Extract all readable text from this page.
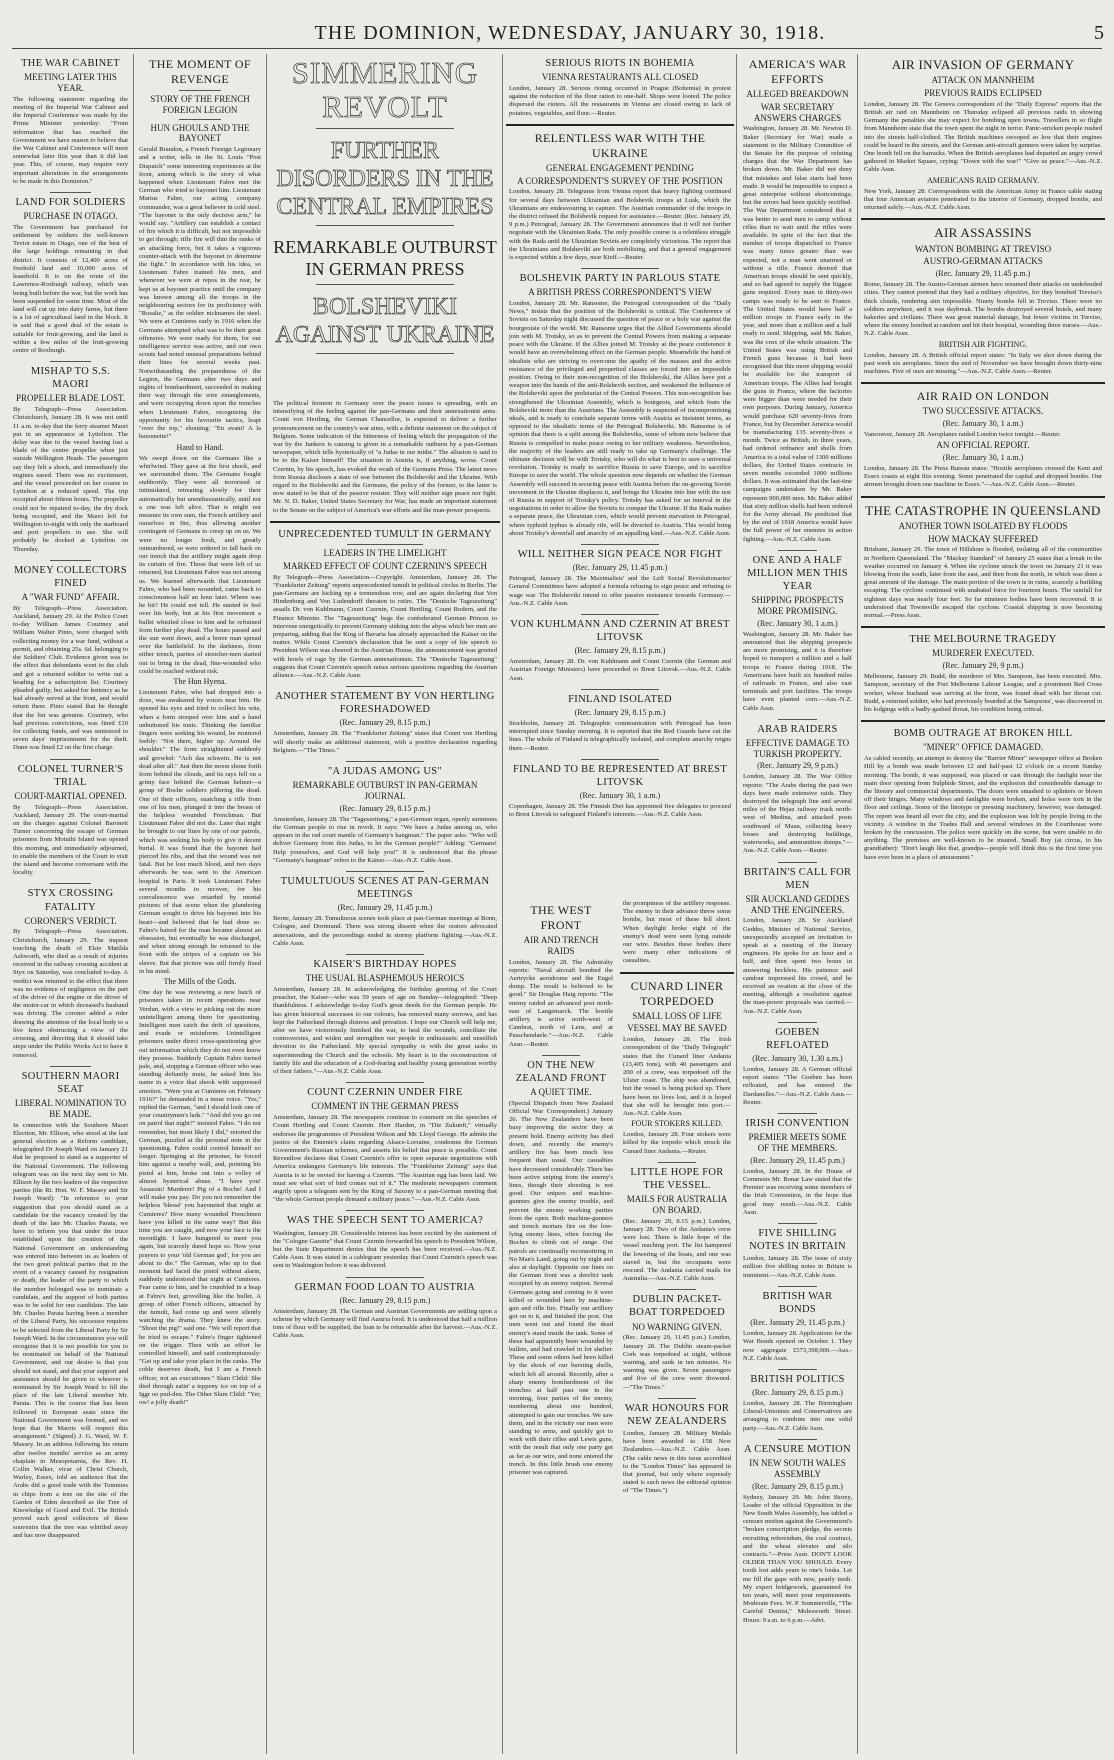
THE DOMINION, WEDNESDAY, JANUARY 30, 1918.	5
THE WAR CABINET
MEETING LATER THIS YEAR.
The following statement regarding the meeting of the Imperial War Cabinet and the Imperial Conference was made by the Prime Minister yesterday: "From information that has reached the Government we have reason to believe that the War Cabinet and Conference will meet somewhat later this year than it did last year. This, of course, may require very important alterations in the arrangements to be made in this Dominion."
LAND FOR SOLDIERS
PURCHASE IN OTAGO.
The Government has purchased for settlement by soldiers the well-known Teviot estate in Otago, one of the best of the large holdings remaining in that district. It consists of 12,400 acres of freehold land and 10,000 acres of leasehold. It is on the route of the Lawrence-Roxburgh railway, which was being built before the war, but the work has been suspended for some time. Most of the land will cut up into dairy farms, but there is a lot of agricultural land in the block. It is said that a good deal of the estate is suitable for fruit-growing, and the land is within a few miles of the fruit-growing centre of Roxburgh.
MISHAP TO S.S. MAORI
PROPELLER BLADE LOST.
By Telegraph—Press Association. Christchurch, January 28. It was not until 11 a.m. to-day that the ferry steamer Maori put in an appearance at Lyttelton. The delay was due to the vessel having lost a blade of the centre propeller when just outside Wellington Heads. The passengers say they felt a shock, and immediately the engines eased. There was no excitement, and the vessel proceeded on her course to Lyttelton at a reduced speed. The trip occupied about fifteen hours. The propeller could not be repaired to-day, the dry dock being occupied, and the Maori left for Wellington to-night with only the starboard and port propellers in use. She will probably be docked at Lyttelton on Thursday.
MONEY COLLECTORS FINED
A "WAR FUND" AFFAIR.
By Telegraph—Press Association. Auckland, January 29. At the Police Court to-day William James Courtney and William Walter Pinto, were charged with collecting money for a war fund, without a permit, and obtaining 25s. 6d. belonging to the Soldiers' Club. Evidence given was to the effect that defendants went to the club and got a returned soldier to write out a heading for a subscription list. Courtney pleaded guilty, but asked for leniency as he had already served at the front, and would return there. Pinto stated that he thought that the list was genuine. Courtney, who had previous convictions, was fined £10 for collecting funds, and was sentenced to seven days' imprisonment for the theft. Dunn was fined £2 on the first charge.
COLONEL TURNER'S TRIAL
COURT-MARTIAL OPENED.
By Telegraph—Press Association. Auckland, January 29. The court-martial on the charges against Colonel Baronett Turner concerning the escape of German prisoners from Motuihi Island was opened this morning, and immediately adjourned, to enable the members of the Court to visit the island and become conversant with the locality.
STYX CROSSING FATALITY
CORONER'S VERDICT.
By Telegraph—Press Association. Christchurch, January 29. The inquest touching the death of Elsie Matilda Ashworth, who died as a result of injuries received in the railway crossing accident at Styx on Saturday, was concluded to-day. A verdict was returned to the effect that there was no evidence of negligence on the part of the driver of the engine or the driver of the motor-car in which deceased's husband was driving. The coroner added a rider drawing the attention of the local body to a live fence obstructing a view of the crossing, and directing that it should take steps under the Public Works Act to have it removed.
SOUTHERN MAORI SEAT
LIBERAL NOMINATION TO BE MADE.
In connection with the Southern Maori Election, Mr. Ellison, who stood at the last general election as a Reform candidate, telegraphed Dr Joseph Ward on January 21 that he proposed to stand as a supporter of the National Government. The following telegram was on the next day sent to Mr. Ellison by the two leaders of the respective parties (the Rt. Hon. W. F. Massey and Sir Joseph Ward): "In reference to your suggestion that you should stand as a candidate for the vacancy created by the death of the late Mr. Charles Parata, we have to inform you that under the truce established upon the creation of the National Government an understanding was entered into between us as leaders of the two great political parties that in the event of a vacancy caused by resignation or death, the leader of the party to which the member belonged was to nominate a candidate, and the support of both parties was to be solid for one candidate. The late Mr. Charles Parata having been a member of the Liberal Party, his successor requires to be selected from the Liberal Party by Sir Joseph Ward. In the circumstances you will recognise that it is not possible for you to be nominated on behalf of the National Government, and our desire is that you should not stand, and that your support and assistance should be given to whoever is nominated by Sir Joseph Ward to fill the place of the late Liberal member Mr. Parata. This is the course that has been followed in European seats since the National Government was formed, and we hope that the Maoris will respect this arrangement." (Signed) J. G. Ward, W. F. Massey. In an address following his return after twelve months' service as an army chaplain in Mesopotamia, the Rev. H. Collin Walker, vicar of Christ Church, Warley, Essex, told an audience that the Arabs did a good trade with the Tommies in chips from a tree on the site of the Garden of Eden described as the Tree of Knowledge of Good and Evil. The British proved such good collectors of these souvenirs that the tree was whittled away and has now disappeared.
THE MOMENT OF REVENGE
STORY OF THE FRENCH FOREIGN LEGION
HUN GHOULS AND THE BAYONET
Gerald Brandon, a French Foreign Legionary and a writer, tells in the St. Louis "Post Dispatch" some interesting experiences at the front, among which is the story of what happened when Lieutenant Fabre met the German who tried to bayonet him. Lieutenant Marius Fabre, our acting company commander, was a great believer in cold steel. "The bayonet is the only decisive arm," he would say. "Artillery can establish a contact of fire which it is difficult, but not impossible to get through; rifle fire will thin the ranks of an attacking force, but it takes a vigorous counter-attack with the bayonet to determine the fight." In accordance with his idea, so Lieutenant Fabre trained his men, and whenever we were at repos in the rear, he kept us at bayonet practice until the company was known among all the troops in the neighbouring sectors for its proficiency with "Rosalie," as the soldier nicknames the steel. We were at Cumieres early in 1916 when the Germans attempted what was to be their great offensive. We were ready for them, for our intelligence service was active, and our own scouts had noted unusual preparations behind their lines for several weeks past. Notwithstanding the preparedness of the Legion, the Germans after two days and nights of bombardment, succeeded in making their way through the wire entanglements, and were occupying down upon the trenches when Lieutenant Fabre, recognising the opportunity for his favourite tactics, leapt "over the top," shouting: "En avant! A la baionnette!"
Hand to Hand.
We swept down on the Germans like a whirlwind. They gave at the first shock, and we surrounded them. The Germans fought stubbornly. They were all terrorised or intimidated, retreating slowly for their automatically but unenthusiastically, until not a one was left alive. That is might not measure its own sum, the French artillery and ourselves in fire, thus allowing another contingent of Germans to creep up on us. We were no longer fresh, and greatly outnumbered, so were ordered to fall back on our trench that the artillery might again drop its curtain of fire. Those that were left of us returned, but Lieutenant Fabre was not among us. We learned afterwards that Lieutenant Fabre, who had been wounded, came back to consciousness half an hour later. Where was he hit? He could not tell. He started to feel over his body, but at his first movement a bullet whistled close to him and he refrained from further play dead. The hours passed and the sun went down, and a brave man spread over the battlefield. In the darkness, from either trench, parties of stretcher-men started out to bring in the dead, fine-wounded who could be reached without risk.
The Hun Hyena.
Lieutenant Fabre, who had dropped into a doze, was awakened by voices near him. He opened his eyes and tried to collect his wits, when a form stooped over him and a hand unbuttoned his tunic. Thinking the familiar fingers were seeking his wound, he muttered feebly: "Not there, higher up. Around the shoulder." The form straightened suddenly and growled: "Ach das schwein. He is not dead after all." Just then the moon shone forth from behind the clouds, and its rays fell on a grimy face behind the German helmet—a group of Boche soldiers pilfering the dead. One of their officers, snatching a rifle from one of his men, plunged it into the breast of the helpless wounded Frenchman. But Lieutenant Fabre did not die. Later that night he brought to our lines by one of our patrols, which was seeking his body to give it decent burial. It was found that the bayonet had pierced his ribs, and that the wound was not fatal. But he lost much blood, and two days afterwards he was sent to the American hospital in Paris. It took Lieutenant Fabre several months to recover, for his convalescence was retarded by mental pictures of that scene when the plundering German sought to drive his bayonet into his heart—and believed that he had done so. Fabre's hatred for the man became almost an obsession, but eventually he was discharged, and when strong enough he returned to the front with the stripes of a captain on his sleeve. But that picture was still firmly fixed in his mind.
The Mills of the Gods.
One day he was reviewing a new batch of prisoners taken in recent operations near Verdun, with a view to picking out the more unintelligent among them for questioning. Intelligent men catch the drift of questions, and evade or misinform. Unintelligent prisoners under direct cross-questioning give out information which they do not even know they possess. Suddenly Captain Fabre turned pale, and, stopping a German officer who was standing defiantly mute, he asked him his name in a voice that shook with suppressed emotion. "Were you at Cumieres on February 1916?" he demanded in a tense voice. "Yes," replied the German, "and I should look one of your countrymen's lads." "And did you go out on patrol that night?" insisted Fabre. "I do not remember, but most likely I did," retorted the German, puzzled at the personal note in the questioning. Fabre could control himself no longer. Springing at the prisoner, he forced him against a nearby wall, and, pointing his pistol at him, broke out into a volley of almost hysterical abuse. "I have you! Assassin! Murderer! Pig of a Boche! And I will make you pay. Do you not remember the helpless 'blessé' you bayoneted that night at Cumieres? How many wounded Frenchmen have you killed in the same way? But this time you are caught, and now your face is the moonlight. I have hungered to meet you again, but scarcely dared hope so. Now your prayers to your 'old German god', for you are about to die." The German, who up to that moment had faced the pistol without alarm, suddenly understood that night at Cumieres. Fear came to him, and he crumbled in a heap at Fabre's feet, grovelling like the bullet. A group of other French officers, attracted by the tumult, had come up and were silently watching the drama. They knew the story. "Shoot the pig!" said one. "We will report that he tried to escape." Fabre's finger tightened on the trigger. Then with an effort he controlled himself, and said contemptuously: "Get up and take your place in the ranks. The coble deserves death, but I am a French officer, not an executioner." Slain Child: She died through eatin' a teppeny ice on top of a Iggr oo pud-den. The Other Slum Child: "Yer, ow! a jolly death!"
SIMMERING REVOLT
FURTHER DISORDERS IN THE CENTRAL EMPIRES
REMARKABLE OUTBURST IN GERMAN PRESS
BOLSHEVIKI AGAINST UKRAINE
The political ferment in Germany over the peace issues is spreading, with an intensifying of the feeling against the pan-Germans and their annexationist aims. Count von Hertling, the German Chancellor, is expected to deliver a further pronouncement on the country's war aims, with a definite statement on the subject of Belgium. Some indication of the bitterness of feeling which the propagation of the war by the Junkers is causing is given in a remarkable outburst by a pan-German newspaper, which tells hysterically of "a Judas in our midst." The allusion is said to be to the Kaiser himself! The situation in Austria is, if anything, worse. Count Czernin, by his speech, has evoked the wrath of the Germans Press. The latest news from Russia discloses a state of war between the Bolsheviki and the Ukraine. With regard to the Bolsheviki and the Germans, the policy of the former, to the latter is now stated to be that of the passive resister. They will neither sign peace nor fight. Mr. N. D. Baker, United States Secretary for War, has made an important statement to the Senate on the subject of America's war efforts and the man-power prospects.
UNPRECEDENTED TUMULT IN GERMANY
LEADERS IN THE LIMELIGHT
MARKED EFFECT OF COUNT CZERNIN'S SPEECH
By Telegraph—Press Association—Copyright. Amsterdam, January 28. The "Frankfurter Zeitung" reports unprecedented tumult in political circles in Berlin. The pan-Germans are kicking up a tremendous row, and are again declaring that Von Hindenburg and Von Ludendorff threaten to retire. The "Deutsche Tageszeitung" assails Dr. von Kuhlmann, Count Czernin, Count Hertling, Count Rodern, and the Finance Minister. The "Tageszeitung" begs the confederated German Princes to intervene energetically to prevent Germany sinking into the abyss which her men are preparing, adding that the King of Bavaria has already approached the Kaiser on the matter. While Count Czernin's declaration that he sent a copy of his speech to President Wilson was cheered in the Austrian House, the announcement was greeted with howls of rage by the German annexationists. The "Deutsche Tageszeitung" suggests that Count Czernin's speech raises serious questions regarding the Austrian alliance.—Aus.-N.Z. Cable Assn.
ANOTHER STATEMENT BY VON HERTLING FORESHADOWED
(Rec. January 29, 8.15 p.m.)
Amsterdam, January 28. The "Frankfurter Zeitung" states that Count von Hertling will shortly make an additional statement, with a positive declaration regarding Belgium.—"The Times."
"A JUDAS AMONG US"
REMARKABLE OUTBURST IN PAN-GERMAN JOURNAL
(Rec. January 29, 8.15 p.m.)
Amsterdam, January 28. The "Tageszeitung," a pan-German organ, openly summons the German people to rise in revolt. It says: "We have a Judas among us, who appears in the red court mantle of Germany's hangman." The paper asks: "Who will deliver Germany from this Judas, to let the German people?" Adding: "Germans! Help yourselves, and God will help you!" It is understood that the phrase "Germany's hangman" refers to the Kaiser.—Aus.-N.Z. Cable Assn.
TUMULTUOUS SCENES AT PAN-GERMAN MEETINGS
(Rec. January 29, 11.45 p.m.)
Berne, January 28. Tumultuous scenes took place at pan-German meetings at Bonn, Cologne, and Dortmund. There was strong dissent when the orators advocated annexations, and the proceedings ended in stormy platform fighting.—Aus.-N.Z. Cable Assn.
KAISER'S BIRTHDAY HOPES
THE USUAL BLASPHEMOUS HEROICS
Amsterdam, January 28. In acknowledging the birthday greeting of the Court preacher, the Kaiser—who was 59 years of age on Sunday—telegraphed: "Deep thankfulness. I acknowledge to-day God's great deeds for the German people. He has given historical successes to our colours, has removed many sorrows, and has kept the Fatherland through distress and privation. I hope our Church will help me, after we have victoriously finished the war, to heal the wounds, conciliate the controversies, and widen and strengthen our people in enthusiastic and unselfish devotion to the Fatherland. My special sympathy is with the great tasks in superintending the Church and the schools. My heart is in the reconstruction of family life and the education of a God-fearing and healthy young generation worthy of their fathers."—Aus.-N.Z. Cable Assn.
COUNT CZERNIN UNDER FIRE
COMMENT IN THE GERMAN PRESS
Amsterdam, January 28. The newspapers continue to comment on the speeches of Count Hertling and Count Czernin. Herr Harden, in "Die Zukunft," virtually endorses the programmes of President Wilson and Mr. Lloyd George. He admits the justice of the Entente's claim regarding Alsace-Lorraine, condemns the German Government's Russian schemes, and asserts his belief that peace is possible. Count Reventlow declares that Count Czernin's offer to open separate negotiations with America endangers Germany's life interests. The "Frankfurter Zeitung" says that Austria is to be envied for having a Czernin. "The Austrian egg has been laid. We must see what sort of bird comes out of it." The moderate newspapers comment angrily upon a telegram sent by the King of Saxony to a pan-German meeting that "the whole German people demand a military peace."—Aus.-N.Z. Cable Assn.
WAS THE SPEECH SENT TO AMERICA?
Washington, January 28. Considerable interest has been excited by the statement of the "Cologne Gazette" that Count Czernin forwarded his speech to President Wilson, but the State Department denies that the speech has been received.—Aus.-N.Z. Cable Assn. It was stated in a cablegram yesterday that Count Czernin's speech was sent to Washington before it was delivered.
GERMAN FOOD LOAN TO AUSTRIA
(Rec. January 29, 8.15 p.m.)
Amsterdam, January 28. The German and Austrian Governments are settling upon a scheme by which Germany will find Austria food. It is understood that half a million tons of flour will be supplied, the loan to be returnable after the harvest.—Aus.-N.Z. Cable Assn.
SERIOUS RIOTS IN BOHEMIA
VIENNA RESTAURANTS ALL CLOSED
London, January 28. Serious rioting occurred in Prague (Bohemia) in protest against the reduction of the flour ration to one-half. Shops were looted. The police dispersed the rioters. All the restaurants in Vienna are closed owing to lack of potatoes, vegetables, and flour.—Reuter.
RELENTLESS WAR WITH THE UKRAINE
GENERAL ENGAGEMENT PENDING
A CORRESPONDENT'S SURVEY OF THE POSITION
London, January 28. Telegrams from Vienna report that heavy fighting continued for several days between Ukrainian and Bolshevik troops at Lusk, which the Ukrainians are endeavouring to capture. The Austrian commander of the troops in the district refused the Bolshevik request for assistance.—Reuter. (Rec. January 29, 9 p.m.) Petrograd, January 28. The Government announces that it will not further negotiate with the Ukrainian Rada. The only possible course is a relentless struggle with the Rada until the Ukrainian Soviets are completely victorious. The report that the Ukrainians and Bolsheviki are both mobilising, and that a general engagement is expected within a few days, near Kieff.—Reuter.
BOLSHEVIK PARTY IN PARLOUS STATE
A BRITISH PRESS CORRESPONDENT'S VIEW
London, January 28. Mr. Ransome, the Petrograd correspondent of the "Daily News," insists that the position of the Bolsheviki is critical. The Conference of Soviets on Saturday night discussed the question of peace or a holy war against the bourgeoisie of the world. Mr. Ransome urges that the Allied Governments should join with M. Trotsky, so as to prevent the Central Powers from making a separate peace with the Ukraine. If the Allies joined M. Trotsky at the peace conference it would have an overwhelming effect on the German people. Meanwhile the hand of idealists who are striving to overcome the apathy of the masses and the active resistance of the privileged and propertied classes are forced into an impossible position. Owing to their non-recognition of the Bolsheviki, the Allies have put a weapon into the hands of the anti-Bolshevik section, and weakened the influence of the Bolsheviki upon the proletariat of the Central Powers. This non-recognition has strengthened the Ukrainian Assembly, which is bourgeois, and which fears the Bolsheviki more than the Austrians. The Assembly is suspected of incompromising ideals, and is ready to conclude separate terms with Austria as insistent terms, as opposed to the idealistic terms of the Petrograd Bolsheviki. Mr. Ransome is of opinion that there is a split among the Bolsheviks, some of whom now believe that Russia is compelled to make peace owing to her military weakness. Nevertheless, the majority of the leaders are still ready to take up Germany's challenge. The ultimate decision will be with Trotsky, who will do what is best to save a universal revolution. Trotsky is ready to sacrifice Russia to save Europe, and to sacrifice Europe to save the world. The whole question now depends on whether the German Assembly will succeed in securing peace with Austria before the on-growing Soviet movement in the Ukraine displaces it, and brings the Ukraine into line with the rest of Russia in support of Trotsky's policy. Trotsky has asked for an interval in the negotiations in order to allow the Soviets to conquer the Ukraine. If the Rada makes a separate peace, the Ukrainian corn, which would prevent starvation in Petrograd, where typhoid typhus is already rife, will be diverted to Austria. This would bring about Trotsky's downfall and anarchy of an appalling kind.—Aus.-N.Z. Cable Assn.
WILL NEITHER SIGN PEACE NOR FIGHT
(Rec. January 29, 11.45 p.m.)
Petrograd, January 28. The Maximalists' and the Left Social Revolutionaries' General Committees have adopted a formula refusing to sign peace and refusing to wage war. The Bolsheviki intend to offer passive resistance towards Germany.—Aus.-N.Z. Cable Assn.
VON KUHLMANN AND CZERNIN AT BREST LITOVSK
(Rec. January 29, 8.15 p.m.)
Amsterdam, January 28. Dr. von Kuhlmann and Count Czernin (the German and Austrian Foreign Ministers) have proceeded to Brest Litovsk.—Aus.-N.Z. Cable Assn.
FINLAND ISOLATED
(Rec. January 29, 8.15 p.m.)
Stockholm, January 28. Telegraphic communication with Petrograd has been interrupted since Sunday morning. It is reported that the Red Guards have cut the lines. The whole of Finland is telegraphically isolated, and complete anarchy reigns there.—Reuter.
FINLAND TO BE REPRESENTED AT BREST LITOVSK
(Rec. January 30, 1 a.m.)
Copenhagen, January 28. The Finnish Diet has appointed five delegates to proceed to Brest Litovsk to safeguard Finland's interests.—Aus.-N.Z. Cable Assn.
THE WEST FRONT
AIR AND TRENCH RAIDS
London, January 28. The Admiralty reports: "Naval aircraft bombed the Aertrycke aerodrome and the Engel dump. The result is believed to be good." Sir Douglas Haig reports: "The enemy raided an advanced post north-east of Langemarck. The hostile artillery is active north-west of Cambrai, north of Lens, and at Passchendaele."—Aus.-N.Z. Cable Assn.—Reuter.
ON THE NEW ZEALAND FRONT
A QUIET TIME.
(Special Dispatch from New Zealand Official War Correspondent.) January 26. The New Zealanders have been busy improving the sector they at present hold. Enemy activity has died down, and recently the enemy's artillery fire has been much less frequent than usual. Our casualties have decreased considerably. There has been active sniping from the enemy's lines, though their shooting is not good. Our snipers and machine-gunners give the enemy trouble, and prevent the enemy working parties from the open. Both machine-gunners and trench mortars fire on the low-lying enemy lines, often forcing the Boches to climb out of range. Our patrols are continually reconnoitring in No Man's Land, going out by night and also at daylight. Opposite our lines on the German front was a derelict tank occupied by an enemy outpost. Several Germans going and coming to it were killed or wounded here by machine-gun and rifle fire. Finally our artillery got on to it, and finished the post. Our men went out and found the dead enemy's stand inside the tank. Some of these had apparently been wounded by bullets, and had crawled in for shelter. These and some others had been killed by the shock of our bursting shells, which left all around. Recently, after a sharp enemy bombardment of the trenches at half past one in the morning, four parties of the enemy, numbering about one hundred, attempted to gain our trenches. We saw them, and in the vicinity our men were standing to arms, and quickly got to work with their rifles and Lewis guns, with the result that only one party got as far as our wire, and none entered the trench. In this little brush one enemy prisoner was captured.
the promptness of the artillery response. The enemy in their advance threw some bombs, but most of these fell short. When daylight broke eight of the enemy's dead were seen lying outside our wire. Besides these bodies there were many other indications of casualties.
CUNARD LINER TORPEDOED
SMALL LOSS OF LIFE
VESSEL MAY BE SAVED
London, January 28. The Irish correspondent of the "Daily Telegraph" states that the Cunard liner Andania (13,405 tons), with 40 passengers and 200 of a crew, was torpedoed off the Ulster coast. The ship was abandoned, but the vessel is being picked up. There have been no lives lost, and it is hoped that she will be brought into port.—Aus.-N.Z. Cable Assn.
FOUR STOKERS KILLED.
London, January 28. Four stokers were killed by the torpedo which struck the Cunard liner Andania.—Reuter.
LITTLE HOPE FOR THE VESSEL.
MAILS FOR AUSTRALIA ON BOARD.
(Rec. January 29, 8.15 p.m.) London, January 28. Two of the Andania's crew were lost. There is little hope of the vessel reaching port. The list hampered the lowering of the boats, and one was staved in, but the occupants were rescued. The Andania carried mails for Australia.—Aus.-N.Z. Cable Assn.
DUBLIN PACKET-BOAT TORPEDOED
NO WARNING GIVEN.
(Rec. January 29, 11.45 p.m.) London, January 28. The Dublin steam-packet Cork was torpedoed at night, without warning, and sank in ten minutes. No warning was given. Seven passengers and five of the crew were drowned.—"The Times."
WAR HONOURS FOR NEW ZEALANDERS
London, January 28. Military Medals have been awarded to 158 New Zealanders.—Aus.-N.Z. Cable Assn. (The cable news in this issue accredited to the "London Times" has appeared in that journal, but only where expressly stated is such news the editorial opinion of "The Times.")
AMERICA'S WAR EFFORTS
ALLEGED BREAKDOWN
WAR SECRETARY ANSWERS CHARGES
Washington, January 28. Mr. Newton D. Baker (Secretary for War) made a statement to the Military Committee of the Senate for the purpose of refuting charges that the War Department has broken down. Mr. Baker did not deny that mistakes and false starts had been made. It would be impossible to expect a great enterprise without shortcomings; but the errors had been quickly rectified. The War Department considered that it was better to send men to camp without rifles than to wait until the rifles were available. In spite of the fact that the number of troops dispatched to France was many times greater than was expected, not a man went unarmed or without a rifle. France desired that American troops should be sent quickly, and so had agreed to supply the biggest guns required. Every man in thirty-two camps was ready to be sent to France. The United States would have half a million troops in France early in the year, and more than a million and a half ready to send. Shipping, said Mr. Baker, was the crux of the whole situation. The United States was using British and French guns because it had been recognised that this more shipping would be available for the transport of American troops. The Allies had bought the guns in France, where the factories were bigger than were needed for their own purposes. During January, America would purchase 620 seventy-fives from France, but by December America would be manufacturing 135 seventy-fives a month. Twice as British, in three years, had ordered ordnance and shells from America to a total value of 1300 millions dollars, the United States contracts in seven months exceeded 1000 millions dollars. It was estimated that the last-tine campaigns undertaken by Mr. Baker represent 900,000 men. Mr. Baker added that sixty million shells had been ordered for the Army abroad. He predicted that by the end of 1918 America would have the full power of her enemies in action fighting.—Aus.-N.Z. Cable Assn.
ONE AND A HALF MILLION MEN THIS YEAR
SHIPPING PROSPECTS MORE PROMISING.
(Rec. January 30, 1 a.m.)
Washington, January 28. Mr. Baker has announced that the shipping prospects are more promising, and it is therefore hoped to transport a million and a half troops to France during 1918. The Americans have built six hundred miles of railroads in France, and also vast terminals and port facilities. The troops have even planted corn.—Aus.-N.Z. Cable Assn.
ARAB RAIDERS
EFFECTIVE DAMAGE TO TURKISH PROPERTY.
(Rec. January 29, 9 p.m.)
London, January 28. The War Office reports: "The Arabs during the past two days have made extensive raids. They destroyed the telegraph line and several miles of the Hejaz railway track north-west of Medina, and attacked posts southward of Maan, collecting heavy losses and destroying buildings, waterworks, and ammunition dumps."—Aus.-N.Z. Cable Assn.—Reuter.
BRITAIN'S CALL FOR MEN
SIR AUCKLAND GEDDES AND THE ENGINEERS.
London, January 28. Sir Auckland Geddes, Minister of National Service, unexpectedly accepted an invitation to speak at a meeting of the literary engineers. He spoke for an hour and a half, and then spent two hours in answering hecklers. His patience and candour impressed his crowd, and he received an ovation at the close of the meeting, although a resolution against the man-power proposals was carried.—Aus.-N.Z. Cable Assn.
GOEBEN REFLOATED
(Rec. January 30, 1.30 a.m.)
London, January 28. A German official report states: "The Goeben has been refloated, and has entered the Dardanelles."—Aus.-N.Z. Cable Assn.—Reuter.
IRISH CONVENTION
PREMIER MEETS SOME OF THE MEMBERS.
(Rec. January 29, 11.45 p.m.)
London, January 28. In the House of Commons Mr. Bonar Law stated that the Premier was receiving some members of the Irish Convention, in the hope that good may result.—Aus.-N.Z. Cable Assn.
FIVE SHILLING NOTES IN BRITAIN
London, January 28. The issue of sixty million five shilling notes in Britain is imminent.—Aus.-N.Z. Cable Assn.
BRITISH WAR BONDS
(Rec. January 29, 11.45 p.m.)
London, January 28. Applications for the War Bonds opened on October 1. They now aggregate £573,398,000.—Aus.-N.Z. Cable Assn.
BRITISH POLITICS
(Rec. January 29, 8.15 p.m.)
London, January 28. The Birmingham Liberal-Unionists and Conservatives are arranging to combine into one solid party.—Aus.-N.Z. Cable Assn.
A CENSURE MOTION
IN NEW SOUTH WALES ASSEMBLY
(Rec. January 29, 8.15 p.m.)
Sydney, January 29. Mr. John Storey, Leader of the official Opposition in the New South Wales Assembly, has tabled a censure motion against the Government's "broken conscription pledge, the secrets recruiting referendum, the coal contract, and the wheat elevator and silo contracts."—Press Assn. DON'T LOOK OLDER THAN YOU SHOULD. Every tooth lost adds years to one's looks. Let me fill the gaps with new, pearly teeth. My expert bridgework, guaranteed for ten years, will meet your requirements. Moderate Fees. W. P. Sommerville, "The Careful Dentist," Molesworth Street. Hours: 9 a.m. to 6 p.m.—Advt.
AIR INVASION OF GERMANY
ATTACK ON MANNHEIM
PREVIOUS RAIDS ECLIPSED
London, January 28. The Geneva correspondent of the "Daily Express" reports that the British air raid on Mannheim on Thursday eclipsed all previous raids in showing Germany the penalties she may expect for bombing open towns. Travellers in so flight from Mannheim state that the town spent the night in terror. Panic-stricken people rushed into the streets half-clothed. The British machines swooped so low that their engines could be heard in the streets, and the German anti-aircraft gunners were taken by surprise. One bomb fell on the barracks. When the British aeroplanes had departed an angry crowd gathered in Market Square, crying: "Down with the war!" "Give us peace."—Aus.-N.Z. Cable Assn.
AMERICANS RAID GERMANY.
New York, January 28. Correspondents with the American Army in France cable stating that four American aviators penetrated to the interior of Germany, dropped bombs, and returned safely.—Aus.-N.Z. Cable Assn.
AIR ASSASSINS
WANTON BOMBING AT TREVISO
AUSTRO-GERMAN ATTACKS
(Rec. January 29, 11.45 p.m.)
Rome, January 28. The Austro-German airmen have resumed their attacks on undefended cities. They cannot pretend that they had a military objective, for they bombed Treviso's thick clouds, rendering aim impossible. Ninety bombs fell in Treviso. There were no soldiers anywhere, and it was daybreak. The bombs destroyed several hotels, and many bakeries and civilians. There was great material damage, but fewer victims in Treviso, where the enemy bombed at random and hit their hospital, wounding three nurses.—Aus.-N.Z. Cable Assn.
BRITISH AIR FIGHTING.
London, January 28. A British official report states: "In Italy we shot down during the past week six aeroplanes. Since the end of November we have brought down thirty-nine machines. Five of ours are missing."—Aus.-N.Z. Cable Assn.—Reuter.
AIR RAID ON LONDON
TWO SUCCESSIVE ATTACKS.
(Rec. January 30, 1 a.m.)
Vancouver, January 28. Aeroplanes raided London twice tonight.—Reuter.
AN OFFICIAL REPORT.
(Rec. January 30, 1 a.m.)
London, January 28. The Press Bureau states: "Hostile aeroplanes crossed the Kent and Essex coasts at eight this evening. Some penetrated the capital and dropped bombs. Our airmen brought down one machine in Essex."—Aus.-N.Z. Cable Assn.—Reuter.
THE CATASTROPHE IN QUEENSLAND
ANOTHER TOWN ISOLATED BY FLOODS
HOW MACKAY SUFFERED
Brisbane, January 29. The town of Hillshore is flooded, isolating all of the communities in Northern Queensland. The "Mackay Standard" of January 25 states that a break in the weather occurred on January 4. When the cyclone struck the town on January 21 it was blowing from the south, later from the east, and then from the north, in which was done a great amount of the damage. The main portion of the town is in ruins, scarcely a building escaping. The cyclone continued with unabated force for fourteen hours. The rainfall for eighteen days was nearly four feet. So far nineteen bodies have been recovered. It is understood that Townsville escaped the cyclone. Coastal shipping is now becoming normal.—Press Assn.
THE MELBOURNE TRAGEDY
MURDERER EXECUTED.
(Rec. January 29, 9 p.m.)
Melbourne, January 29. Budd, the murderer of Mrs. Sampson, has been executed. Mrs. Sampson, secretary of the Port Melbourne Labour League, and a prominent Red Cross worker, whose husband was serving at the front, was found dead with her throat cut. Budd, a returned soldier, who had previously boarded at the Sampsons', was discovered in his lodgings with a badly-gashed throat, his condition being critical.
BOMB OUTRAGE AT BROKEN HILL
"MINER" OFFICE DAMAGED.
As cabled recently, an attempt to destroy the "Barrier Miner" newspaper office at Broken Hill by a bomb was made between 12 and half-past 12 o'clock on a recent Sunday morning. The bomb, it was supposed, was placed or cast through the fanlight near the main door opening from Sulphide Street, and the explosion did considerable damage to the literary and commercial departments. The doors were smashed to splinters or blown off their hinges. Many windows and fanlights were broken, and holes were torn in the floor and ceilings. Some of the linotype or pressing machinery, however, was damaged. The report was heard all over the city, and the explosion was felt by people living in the vicinity. A window in the Trades Hall and several windows in the Courthouse were broken by the concussion. The police were quickly on the scene, but were unable to do anything. The premises are well-known to be insured. Small Boy (at circus, to his grandfather): "Don't laugh like that, grandpa—people will think this is the first time you have ever been in a place of amusement."
